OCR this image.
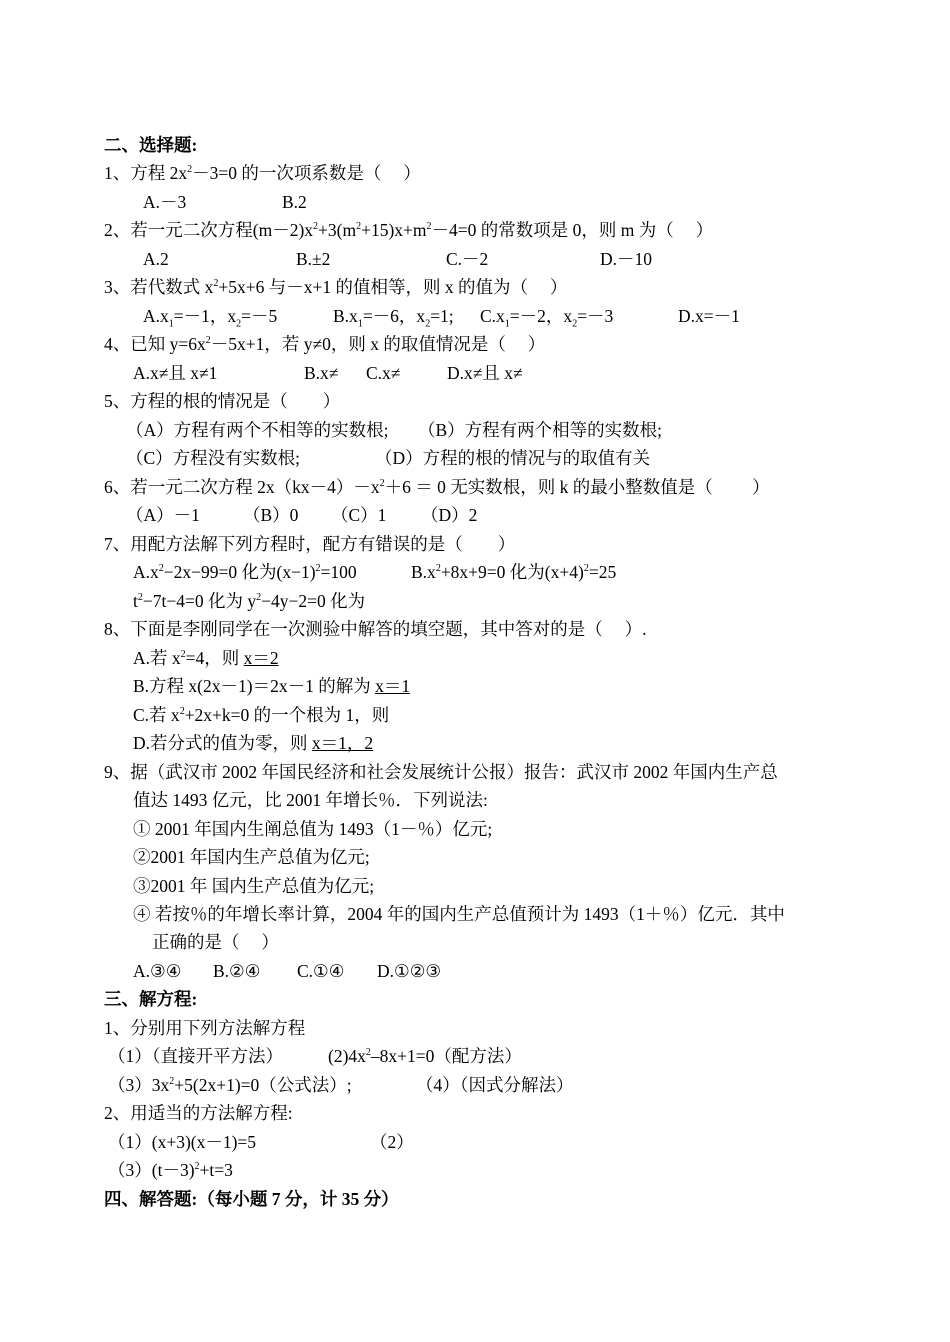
二、选择题:
1、方程 $2x^2-3=0$ 的一次项系数是（　 ）
A.－3	B.2
2、若一元二次方程$(m-2)x^2+3(m^2+15)x+m^2-4=0$ 的常数项是 0，则 m 为（　 ）
A.2	B.±2	C.－2	D.－10
3、若代数式 $x^2+5x+6$ 与－x+1 的值相等，则 x 的值为（　 ）
$A.x_1=-1$，$x_2=-5$	$B.x_1=-6$，$x_2=1$; $C.x_1=-2$，$x_2=-3$	D.x=－1
4、已知 $y=6x^2-5x+1$，若 y≠0，则 x 的取值情况是（　 ）
A.x≠且 x≠1	B.x≠ C.x≠	D.x≠且 x≠
5、方程的根的情况是（　　）
（A）方程有两个不相等的实数根; （B）方程有两个相等的实数根;
（C）方程没有实数根;	（D）方程的根的情况与的取值有关
6、若一元二次方程 $2x(kx-4)-x^2+6 = 0$ 无实数根，则 k 的最小整数值是（　 　）
（A）－1 （B）0 （C）1 （D）2
7、用配方法解下列方程时，配方有错误的是（　　）
$A.x^2-2x-99=0$ 化为$(x-1)^2=100$	$B.x^2+8x+9=0$ 化为$(x+4)^2=25$
$t^2-7t-4=0$ 化为 $y^2-4y-2=0$ 化为
8、下面是李刚同学在一次测验中解答的填空题，其中答对的是（　 ）.
A.若 $x^2=4$，则 x＝2
B.方程 x(2x－1)＝2x－1 的解为 x＝1
C.若 $x^2+2x+k=0$ 的一个根为 1，则
D.若分式的值为零，则 x＝1，2
9、据（武汉市 2002 年国民经济和社会发展统计公报）报告：武汉市 2002 年国内生产总
值达 1493 亿元，比 2001 年增长％．下列说法:
① 2001 年国内生阐总值为 1493（1－％）亿元;
②2001 年国内生产总值为亿元;
③2001 年 国内生产总值为亿元;
④ 若按％的年增长率计算，2004 年的国内生产总值预计为 1493（1＋％）亿元．其中
正确的是（　 ）
A.③④ B.②④ C.①④ D.①②③
三、解方程:
1、分别用下列方法解方程
（1）（直接开平方法）	$(2)4x^2-8x+1=0$（配方法）
$(3)3x^2+5(2x+1)=0$（公式法）;	（4）（因式分解法）
2、用适当的方法解方程:
（1）(x+3)(x－1)=5	（2）
$(3)(t-3)^2+t=3$
四、解答题:（每小题 7 分，计 35 分）
